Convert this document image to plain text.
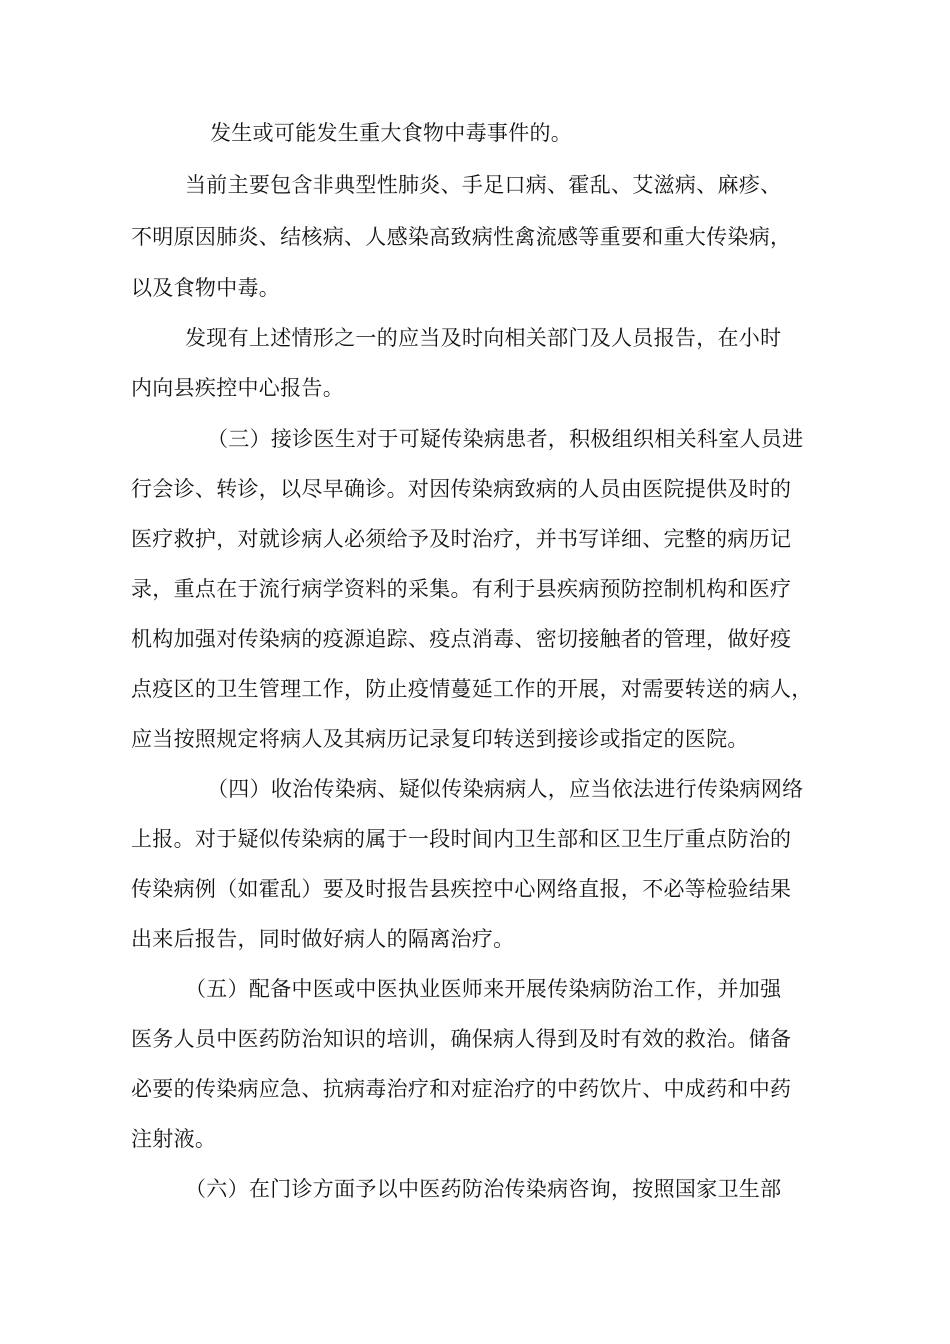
发生或可能发生重大食物中毒事件的。
当前主要包含非典型性肺炎、手足口病、霍乱、艾滋病、麻疹、
不明原因肺炎、结核病、人感染高致病性禽流感等重要和重大传染病，
以及食物中毒。
发现有上述情形之一的应当及时向相关部门及人员报告，在小时
内向县疾控中心报告。
（三）接诊医生对于可疑传染病患者，积极组织相关科室人员进
行会诊、转诊，以尽早确诊。对因传染病致病的人员由医院提供及时的
医疗救护，对就诊病人必须给予及时治疗，并书写详细、完整的病历记
录，重点在于流行病学资料的采集。有利于县疾病预防控制机构和医疗
机构加强对传染病的疫源追踪、疫点消毒、密切接触者的管理，做好疫
点疫区的卫生管理工作，防止疫情蔓延工作的开展，对需要转送的病人，
应当按照规定将病人及其病历记录复印转送到接诊或指定的医院。
（四）收治传染病、疑似传染病病人，应当依法进行传染病网络
上报。对于疑似传染病的属于一段时间内卫生部和区卫生厅重点防治的
传染病例（如霍乱）要及时报告县疾控中心网络直报，不必等检验结果
出来后报告，同时做好病人的隔离治疗。
（五）配备中医或中医执业医师来开展传染病防治工作，并加强
医务人员中医药防治知识的培训，确保病人得到及时有效的救治。储备
必要的传染病应急、抗病毒治疗和对症治疗的中药饮片、中成药和中药
注射液。
（六）在门诊方面予以中医药防治传染病咨询，按照国家卫生部
